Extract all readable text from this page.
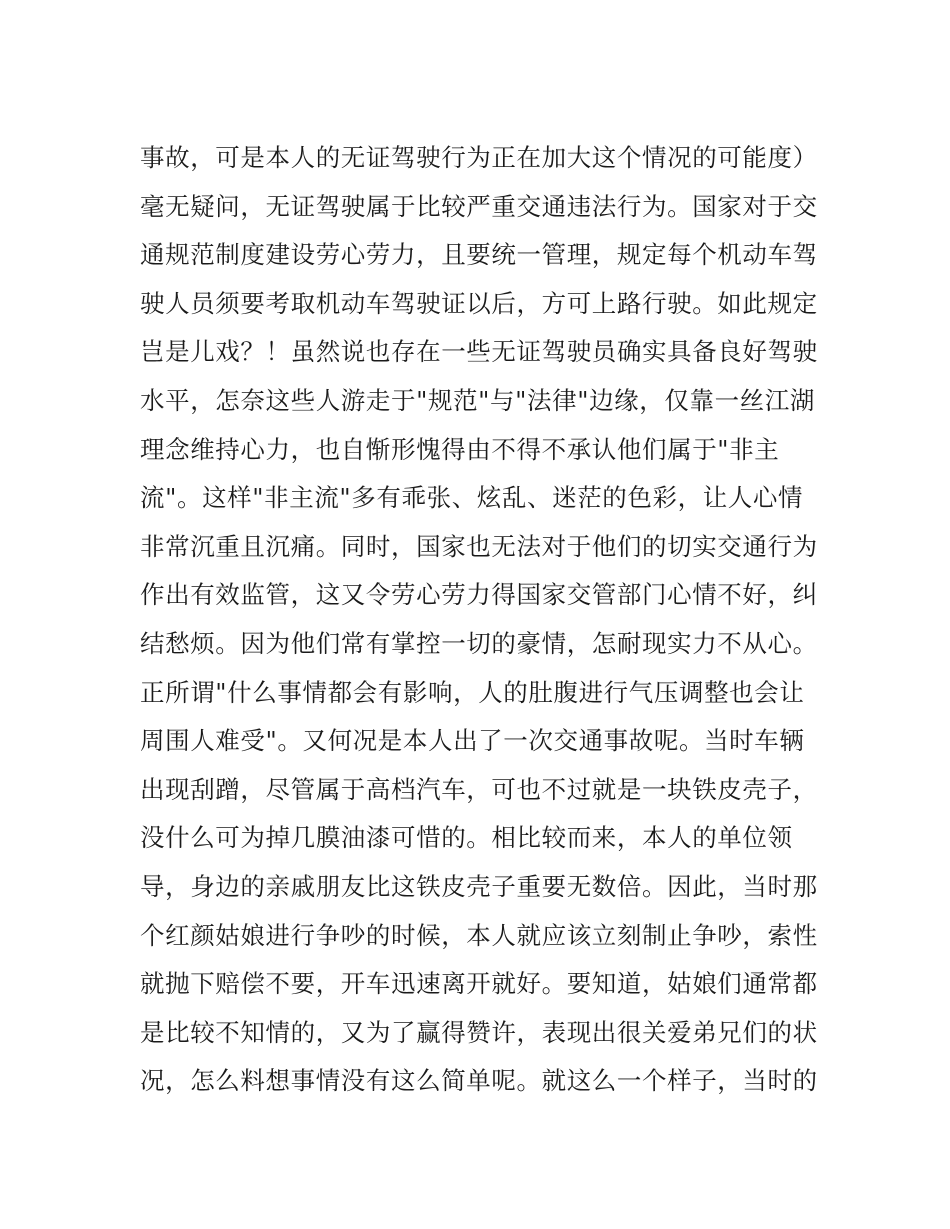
事故，可是本人的无证驾驶行为正在加大这个情况的可能度）
毫无疑问，无证驾驶属于比较严重交通违法行为。国家对于交
通规范制度建设劳心劳力，且要统一管理，规定每个机动车驾
驶人员须要考取机动车驾驶证以后，方可上路行驶。如此规定
岂是儿戏？！虽然说也存在一些无证驾驶员确实具备良好驾驶
水平，怎奈这些人游走于"规范"与"法律"边缘，仅靠一丝江湖
理念维持心力，也自惭形愧得由不得不承认他们属于"非主
流"。这样"非主流"多有乖张、炫乱、迷茫的色彩，让人心情
非常沉重且沉痛。同时，国家也无法对于他们的切实交通行为
作出有效监管，这又令劳心劳力得国家交管部门心情不好，纠
结愁烦。因为他们常有掌控一切的豪情，怎耐现实力不从心。
正所谓"什么事情都会有影响，人的肚腹进行气压调整也会让
周围人难受"。又何况是本人出了一次交通事故呢。当时车辆
出现刮蹭，尽管属于高档汽车，可也不过就是一块铁皮壳子，
没什么可为掉几膜油漆可惜的。相比较而来，本人的单位领
导，身边的亲戚朋友比这铁皮壳子重要无数倍。因此，当时那
个红颜姑娘进行争吵的时候，本人就应该立刻制止争吵，索性
就抛下赔偿不要，开车迅速离开就好。要知道，姑娘们通常都
是比较不知情的，又为了赢得赞许，表现出很关爱弟兄们的状
况，怎么料想事情没有这么简单呢。就这么一个样子，当时的
